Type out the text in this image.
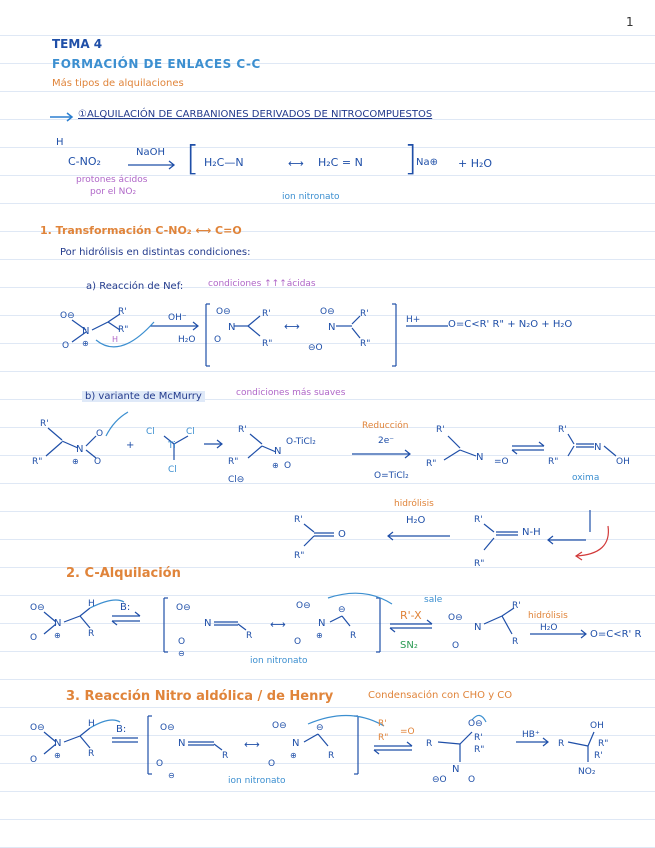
1
TEMA 4
FORMACIÓN DE ENLACES C-C
Más tipos de alquilaciones
①ALQUILACIÓN DE CARBANIONES DERIVADOS DE NITROCOMPUESTOS
H
C-NO₂
protones ácidos
por el NO₂
NaOH → [ H₂C—N	⟷ H₂C = N ]
Na⊕ + H₂O
ion nitronato
1. Transformación C-NO₂ ⟷ C=O
Por hidrólisis en distintas condiciones:
a) Reacción de Nef:	condiciones ↑↑↑ácidas
O⊖
O
N
⊕
R'
R"
H
O⊖
N
O
R'
R"
⟷
O⊖
N
⊖O
R'
R"
OH⁻
H₂O
H+	O=C<R' R" + N₂O + H₂O
b) variante de McMurry	condiciones más suaves
R'
R"
N
O
O
⊕
+
Cl	Cl
Ti
Cl
R'
R"
N
⊕ O
Cl⊖
R'
R"
N =O
R'
R"
N
OH
O-TiCl₂
Reducción
2e⁻
O=TiCl₂	oxima
hidrólisis
H₂O
R'
R"
R'
R"
O	N-H
2. C-Alquilación
O⊖
O
N
⊕
H
R
B:	O⊖
N
O
⊖
R
⟷
O⊖
N
O
⊕
⊖
R
O⊖
N
O
R'
R
sale
R'-X
SN₂
hidrólisis
H₂O
O=C<R' R
ion nitronato
3. Reacción Nitro aldólica / de Henry	Condensación con CHO y CO
O⊖
O
N
⊕
H
R
B:	O⊖
N
O
⊖
R
⟷
O⊖
N
O
⊕
⊖
R
R'
R"
=O
R
O⊖
R'
R"
N
⊖O O
R	R"
R'
HB⁺
OH
NO₂
ion nitronato
